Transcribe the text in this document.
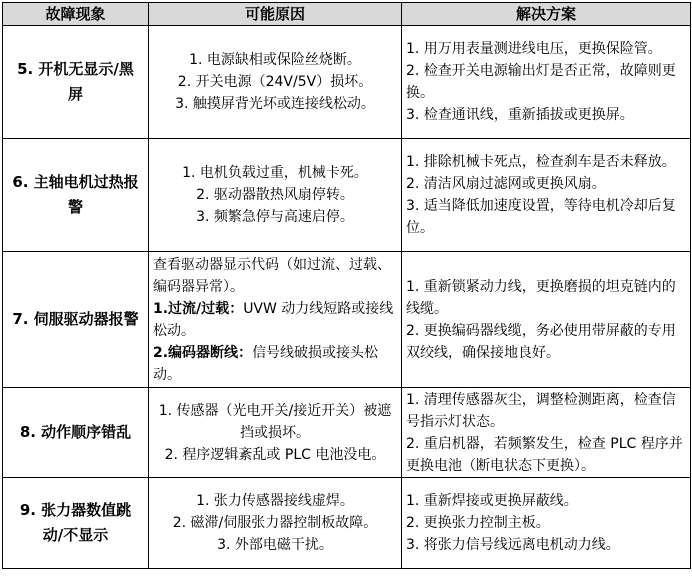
故障现象	可能原因	解决方案
5. 开机无显示/黑屏	1. 电源缺相或保险丝烧断。
2. 开关电源（24V/5V）损坏。
3. 触摸屏背光坏或连接线松动。	1. 用万用表量测进线电压，更换保险管。
2. 检查开关电源输出灯是否正常，故障则更换。
3. 检查通讯线，重新插拔或更换屏。

6. 主轴电机过热报警	1. 电机负载过重，机械卡死。
2. 驱动器散热风扇停转。
3. 频繁急停与高速启停。	1. 排除机械卡死点，检查刹车是否未释放。
2. 清洁风扇过滤网或更换风扇。
3. 适当降低加速度设置，等待电机冷却后复位。

7. 伺服驱动器报警	查看驱动器显示代码（如过流、过载、编码器异常）。
1.过流/过载：UVW 动力线短路或接线松动。
2.编码器断线：信号线破损或接头松动。	1. 重新锁紧动力线，更换磨损的坦克链内的线缆。
2. 更换编码器线缆，务必使用带屏蔽的专用双绞线，确保接地良好。

8. 动作顺序错乱	1. 传感器（光电开关/接近开关）被遮挡或损坏。
2. 程序逻辑紊乱或 PLC 电池没电。	1. 清理传感器灰尘，调整检测距离，检查信号指示灯状态。
2. 重启机器，若频繁发生，检查 PLC 程序并更换电池（断电状态下更换）。

9. 张力器数值跳动/不显示	1. 张力传感器接线虚焊。
2. 磁滞/伺服张力器控制板故障。
3. 外部电磁干扰。	1. 重新焊接或更换屏蔽线。
2. 更换张力控制主板。
3. 将张力信号线远离电机动力线。
